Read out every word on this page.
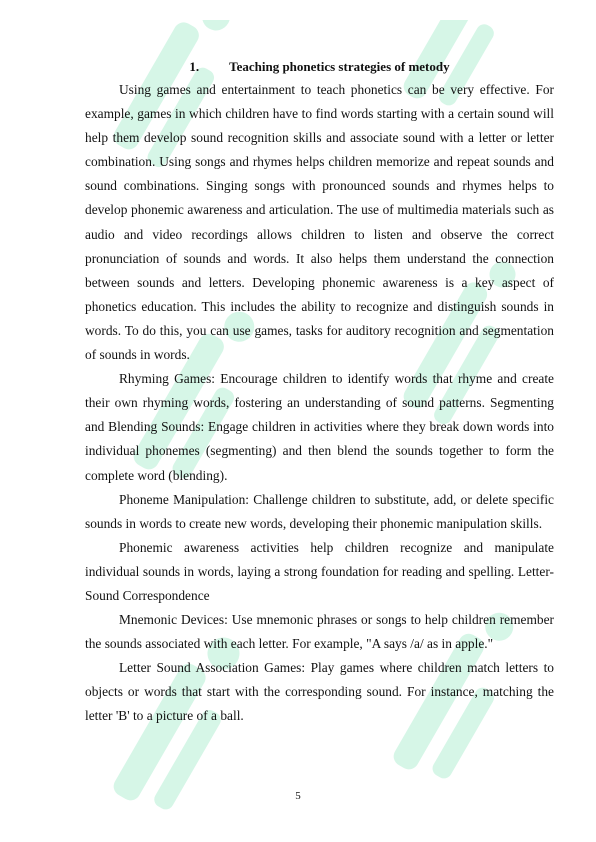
1. Teaching phonetics strategies of metody

Using games and entertainment to teach phonetics can be very effective. For example, games in which children have to find words starting with a certain sound will help them develop sound recognition skills and associate sound with a letter or letter combination. Using songs and rhymes helps children memorize and repeat sounds and sound combinations. Singing songs with pronounced sounds and rhymes helps to develop phonemic awareness and articulation. The use of multimedia materials such as audio and video recordings allows children to listen and observe the correct pronunciation of sounds and words. It also helps them understand the connection between sounds and letters. Developing phonemic awareness is a key aspect of phonetics education. This includes the ability to recognize and distinguish sounds in words. To do this, you can use games, tasks for auditory recognition and segmentation of sounds in words.

Rhyming Games: Encourage children to identify words that rhyme and create their own rhyming words, fostering an understanding of sound patterns. Segmenting and Blending Sounds: Engage children in activities where they break down words into individual phonemes (segmenting) and then blend the sounds together to form the complete word (blending).

Phoneme Manipulation: Challenge children to substitute, add, or delete specific sounds in words to create new words, developing their phonemic manipulation skills.

Phonemic awareness activities help children recognize and manipulate individual sounds in words, laying a strong foundation for reading and spelling. Letter-Sound Correspondence

Mnemonic Devices: Use mnemonic phrases or songs to help children remember the sounds associated with each letter. For example, "A says /a/ as in apple."

Letter Sound Association Games: Play games where children match letters to objects or words that start with the corresponding sound. For instance, matching the letter 'B' to a picture of a ball.

5
